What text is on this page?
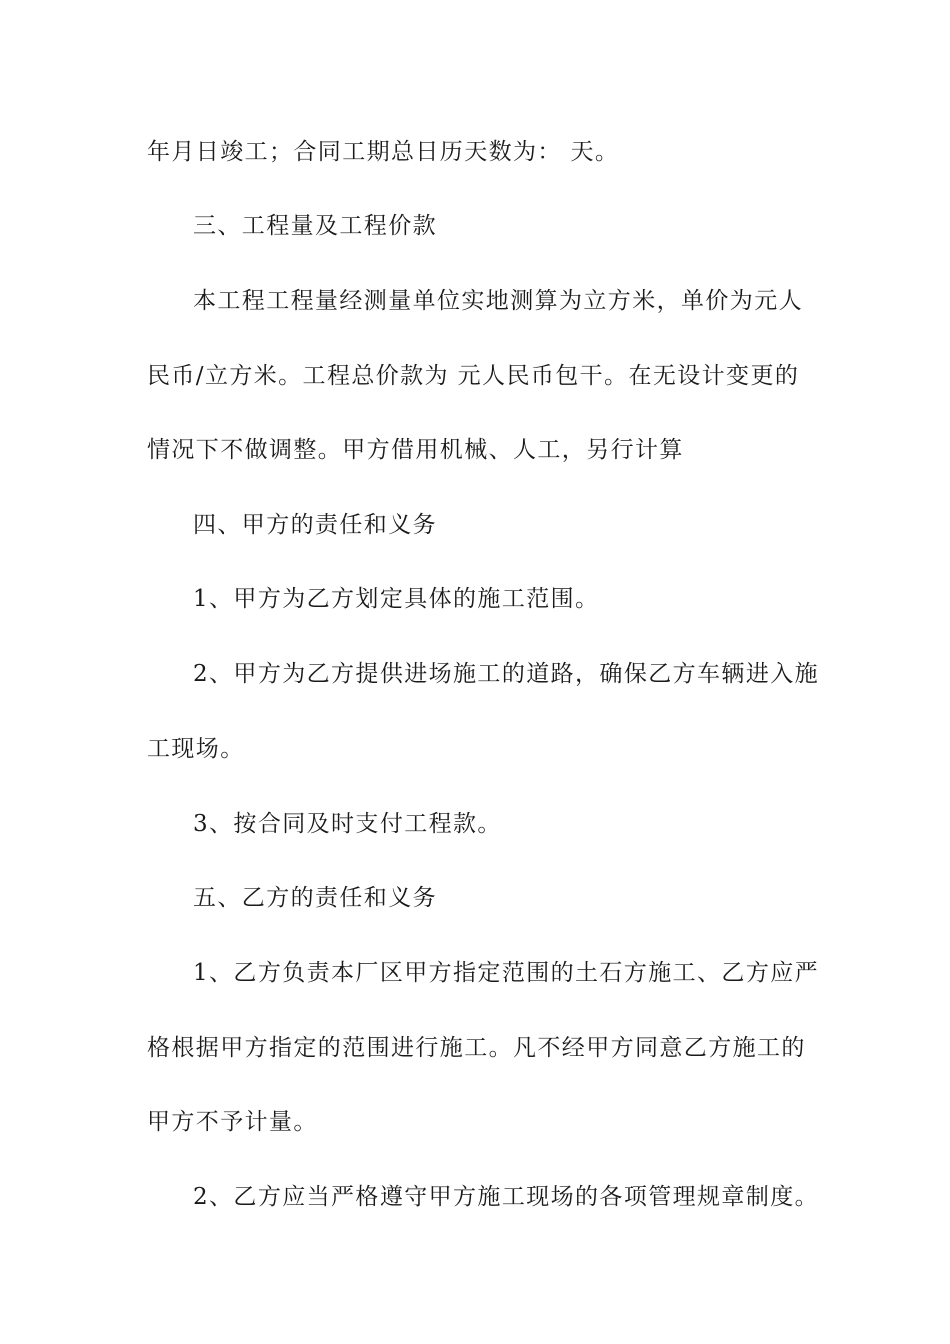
年月日竣工；合同工期总日历天数为： 天。
三、工程量及工程价款
本工程工程量经测量单位实地测算为立方米，单价为元人
民币/立方米。工程总价款为 元人民币包干。在无设计变更的
情况下不做调整。甲方借用机械、人工，另行计算
四、甲方的责任和义务
1、甲方为乙方划定具体的施工范围。
2、甲方为乙方提供进场施工的道路，确保乙方车辆进入施
工现场。
3、按合同及时支付工程款。
五、乙方的责任和义务
1、乙方负责本厂区甲方指定范围的土石方施工、乙方应严
格根据甲方指定的范围进行施工。凡不经甲方同意乙方施工的
甲方不予计量。
2、乙方应当严格遵守甲方施工现场的各项管理规章制度。
